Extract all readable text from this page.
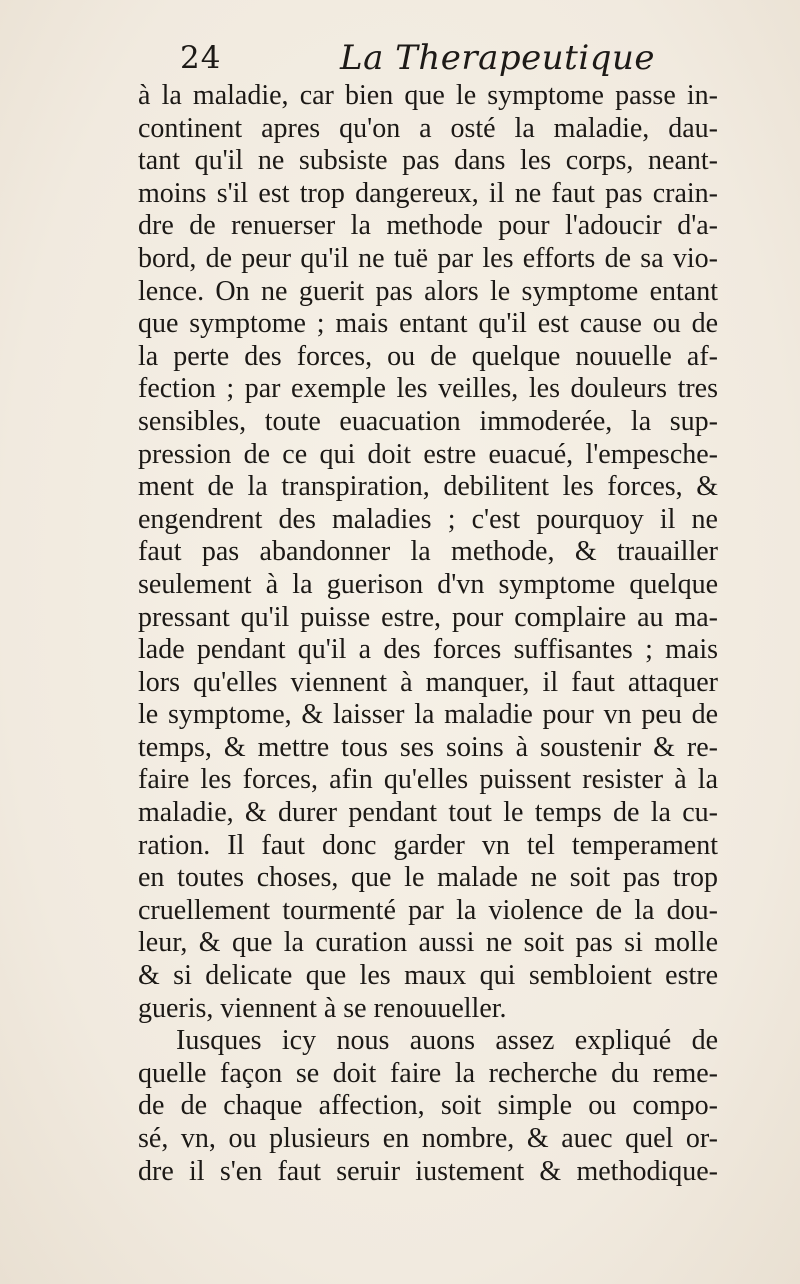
24	La Therapeutique
à la maladie, car bien que le symptome passe in-
continent apres qu'on a osté la maladie, dau-
tant qu'il ne subsiste pas dans les corps, neant-
moins s'il est trop dangereux, il ne faut pas crain-
dre de renuerser la methode pour l'adoucir d'a-
bord, de peur qu'il ne tuë par les efforts de sa vio-
lence. On ne guerit pas alors le symptome entant
que symptome ; mais entant qu'il est cause ou de
la perte des forces, ou de quelque nouuelle af-
fection ; par exemple les veilles, les douleurs tres
sensibles, toute euacuation immoderée, la sup-
pression de ce qui doit estre euacué, l'empesche-
ment de la transpiration, debilitent les forces, &
engendrent des maladies ; c'est pourquoy il ne
faut pas abandonner la methode, & trauailler
seulement à la guerison d'vn symptome quelque
pressant qu'il puisse estre, pour complaire au ma-
lade pendant qu'il a des forces suffisantes ; mais
lors qu'elles viennent à manquer, il faut attaquer
le symptome, & laisser la maladie pour vn peu de
temps, & mettre tous ses soins à soustenir & re-
faire les forces, afin qu'elles puissent resister à la
maladie, & durer pendant tout le temps de la cu-
ration. Il faut donc garder vn tel temperament
en toutes choses, que le malade ne soit pas trop
cruellement tourmenté par la violence de la dou-
leur, & que la curation aussi ne soit pas si molle
& si delicate que les maux qui sembloient estre
gueris, viennent à se renouueller.
Iusques icy nous auons assez expliqué de
quelle façon se doit faire la recherche du reme-
de de chaque affection, soit simple ou compo-
sé, vn, ou plusieurs en nombre, & auec quel or-
dre il s'en faut seruir iustement & methodique-
